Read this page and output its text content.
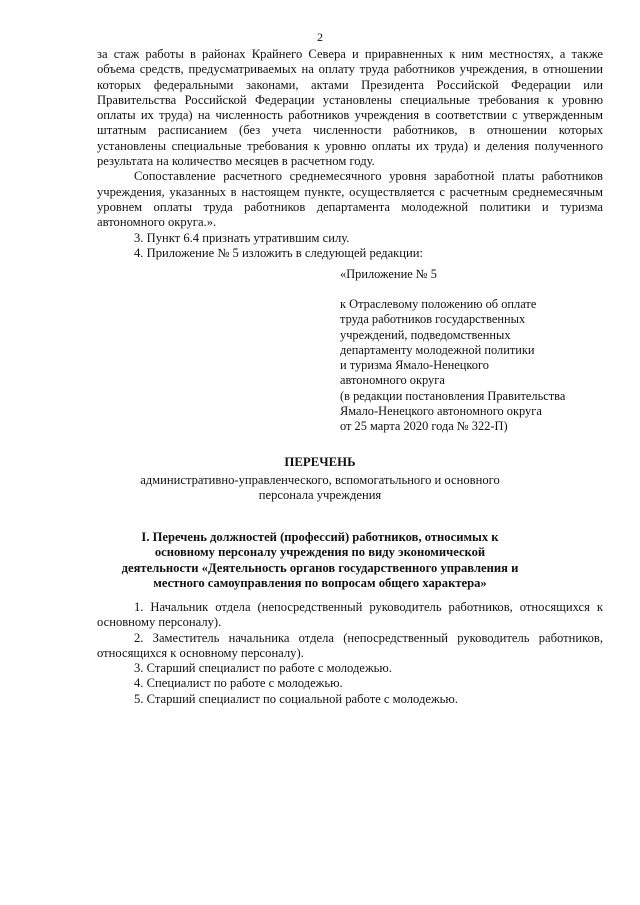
2

за стаж работы в районах Крайнего Севера и приравненных к ним местностях, а также объема средств, предусматриваемых на оплату труда работников учреждения, в отношении которых федеральными законами, актами Президента Российской Федерации или Правительства Российской Федерации установлены специальные требования к уровню оплаты их труда) на численность работников учреждения в соответствии с утвержденным штатным расписанием (без учета численности работников, в отношении которых установлены специальные требования к уровню оплаты их труда) и деления полученного результата на количество месяцев в расчетном году.

Сопоставление расчетного среднемесячного уровня заработной платы работников учреждения, указанных в настоящем пункте, осуществляется с расчетным среднемесячным уровнем оплаты труда работников департамента молодежной политики и туризма автономного округа.».

3. Пункт 6.4 признать утратившим силу.

4. Приложение № 5 изложить в следующей редакции:

«Приложение № 5
к Отраслевому положению об оплате
труда работников государственных
учреждений, подведомственных
департаменту молодежной политики
и туризма Ямало-Ненецкого
автономного округа
(в редакции постановления Правительства
Ямало-Ненецкого автономного округа
от 25 марта 2020 года № 322-П)
ПЕРЕЧЕНЬ
административно-управленческого, вспомогатьльного и основного персонала учреждения
I. Перечень должностей (профессий) работников, относимых к основному персоналу учреждения по виду экономической деятельности «Деятельность органов государственного управления и местного самоуправления по вопросам общего характера»

1. Начальник отдела (непосредственный руководитель работников, относящихся к основному персоналу).

2. Заместитель начальника отдела (непосредственный руководитель работников, относящихся к основному персоналу).

3. Старший специалист по работе с молодежью.

4. Специалист по работе с молодежью.

5. Старший специалист по социальной работе с молодежью.
